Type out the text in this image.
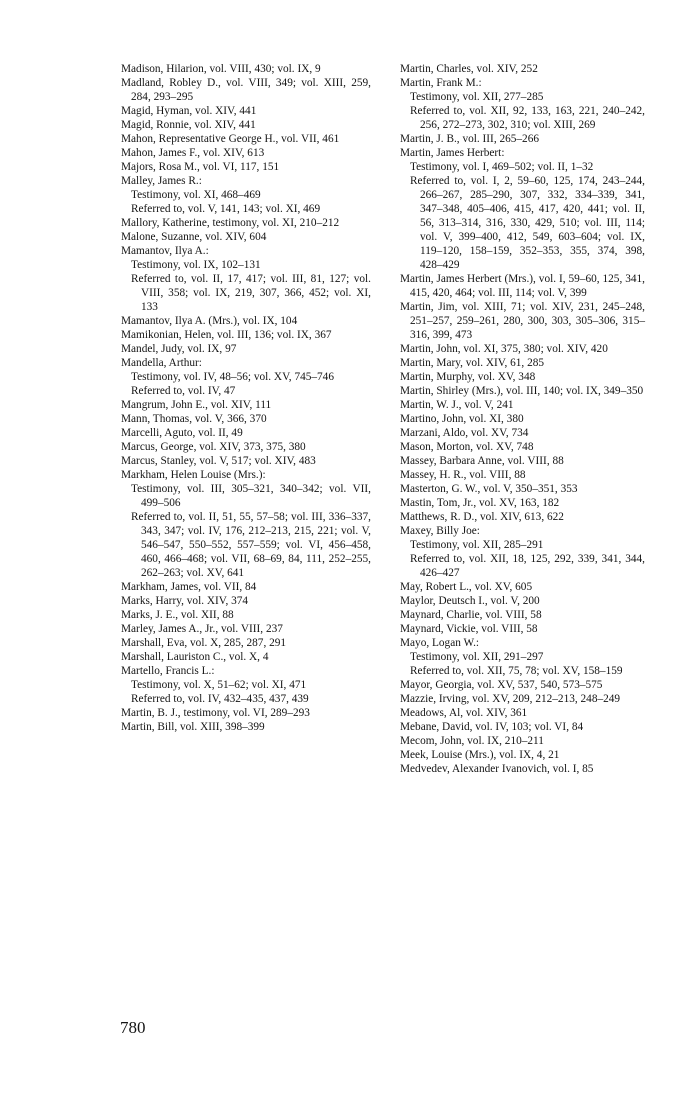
Madison, Hilarion, vol. VIII, 430; vol. IX, 9
Madland, Robley D., vol. VIII, 349; vol. XIII, 259, 284, 293–295
Magid, Hyman, vol. XIV, 441
Magid, Ronnie, vol. XIV, 441
Mahon, Representative George H., vol. VII, 461
Mahon, James F., vol. XIV, 613
Majors, Rosa M., vol. VI, 117, 151
Malley, James R.:
Testimony, vol. XI, 468–469
Referred to, vol. V, 141, 143; vol. XI, 469
Mallory, Katherine, testimony, vol. XI, 210–212
Malone, Suzanne, vol. XIV, 604
Mamantov, Ilya A.:
Testimony, vol. IX, 102–131
Referred to, vol. II, 17, 417; vol. III, 81, 127; vol. VIII, 358; vol. IX, 219, 307, 366, 452; vol. XI, 133
Mamantov, Ilya A. (Mrs.), vol. IX, 104
Mamikonian, Helen, vol. III, 136; vol. IX, 367
Mandel, Judy, vol. IX, 97
Mandella, Arthur:
Testimony, vol. IV, 48–56; vol. XV, 745–746
Referred to, vol. IV, 47
Mangrum, John E., vol. XIV, 111
Mann, Thomas, vol. V, 366, 370
Marcelli, Aguto, vol. II, 49
Marcus, George, vol. XIV, 373, 375, 380
Marcus, Stanley, vol. V, 517; vol. XIV, 483
Markham, Helen Louise (Mrs.):
Testimony, vol. III, 305–321, 340–342; vol. VII, 499–506
Referred to, vol. II, 51, 55, 57–58; vol. III, 336–337, 343, 347; vol. IV, 176, 212–213, 215, 221; vol. V, 546–547, 550–552, 557–559; vol. VI, 456–458, 460, 466–468; vol. VII, 68–69, 84, 111, 252–255, 262–263; vol. XV, 641
Markham, James, vol. VII, 84
Marks, Harry, vol. XIV, 374
Marks, J. E., vol. XII, 88
Marley, James A., Jr., vol. VIII, 237
Marshall, Eva, vol. X, 285, 287, 291
Marshall, Lauriston C., vol. X, 4
Martello, Francis L.:
Testimony, vol. X, 51–62; vol. XI, 471
Referred to, vol. IV, 432–435, 437, 439
Martin, B. J., testimony, vol. VI, 289–293
Martin, Bill, vol. XIII, 398–399
Martin, Charles, vol. XIV, 252
Martin, Frank M.:
Testimony, vol. XII, 277–285
Referred to, vol. XII, 92, 133, 163, 221, 240–242, 256, 272–273, 302, 310; vol. XIII, 269
Martin, J. B., vol. III, 265–266
Martin, James Herbert:
Testimony, vol. I, 469–502; vol. II, 1–32
Referred to, vol. I, 2, 59–60, 125, 174, 243–244, 266–267, 285–290, 307, 332, 334–339, 341, 347–348, 405–406, 415, 417, 420, 441; vol. II, 56, 313–314, 316, 330, 429, 510; vol. III, 114; vol. V, 399–400, 412, 549, 603–604; vol. IX, 119–120, 158–159, 352–353, 355, 374, 398, 428–429
Martin, James Herbert (Mrs.), vol. I, 59–60, 125, 341, 415, 420, 464; vol. III, 114; vol. V, 399
Martin, Jim, vol. XIII, 71; vol. XIV, 231, 245–248, 251–257, 259–261, 280, 300, 303, 305–306, 315–316, 399, 473
Martin, John, vol. XI, 375, 380; vol. XIV, 420
Martin, Mary, vol. XIV, 61, 285
Martin, Murphy, vol. XV, 348
Martin, Shirley (Mrs.), vol. III, 140; vol. IX, 349–350
Martin, W. J., vol. V, 241
Martino, John, vol. XI, 380
Marzani, Aldo, vol. XV, 734
Mason, Morton, vol. XV, 748
Massey, Barbara Anne, vol. VIII, 88
Massey, H. R., vol. VIII, 88
Masterton, G. W., vol. V, 350–351, 353
Mastin, Tom, Jr., vol. XV, 163, 182
Matthews, R. D., vol. XIV, 613, 622
Maxey, Billy Joe:
Testimony, vol. XII, 285–291
Referred to, vol. XII, 18, 125, 292, 339, 341, 344, 426–427
May, Robert L., vol. XV, 605
Maylor, Deutsch I., vol. V, 200
Maynard, Charlie, vol. VIII, 58
Maynard, Vickie, vol. VIII, 58
Mayo, Logan W.:
Testimony, vol. XII, 291–297
Referred to, vol. XII, 75, 78; vol. XV, 158–159
Mayor, Georgia, vol. XV, 537, 540, 573–575
Mazzie, Irving, vol. XV, 209, 212–213, 248–249
Meadows, Al, vol. XIV, 361
Mebane, David, vol. IV, 103; vol. VI, 84
Mecom, John, vol. IX, 210–211
Meek, Louise (Mrs.), vol. IX, 4, 21
Medvedev, Alexander Ivanovich, vol. I, 85
780
